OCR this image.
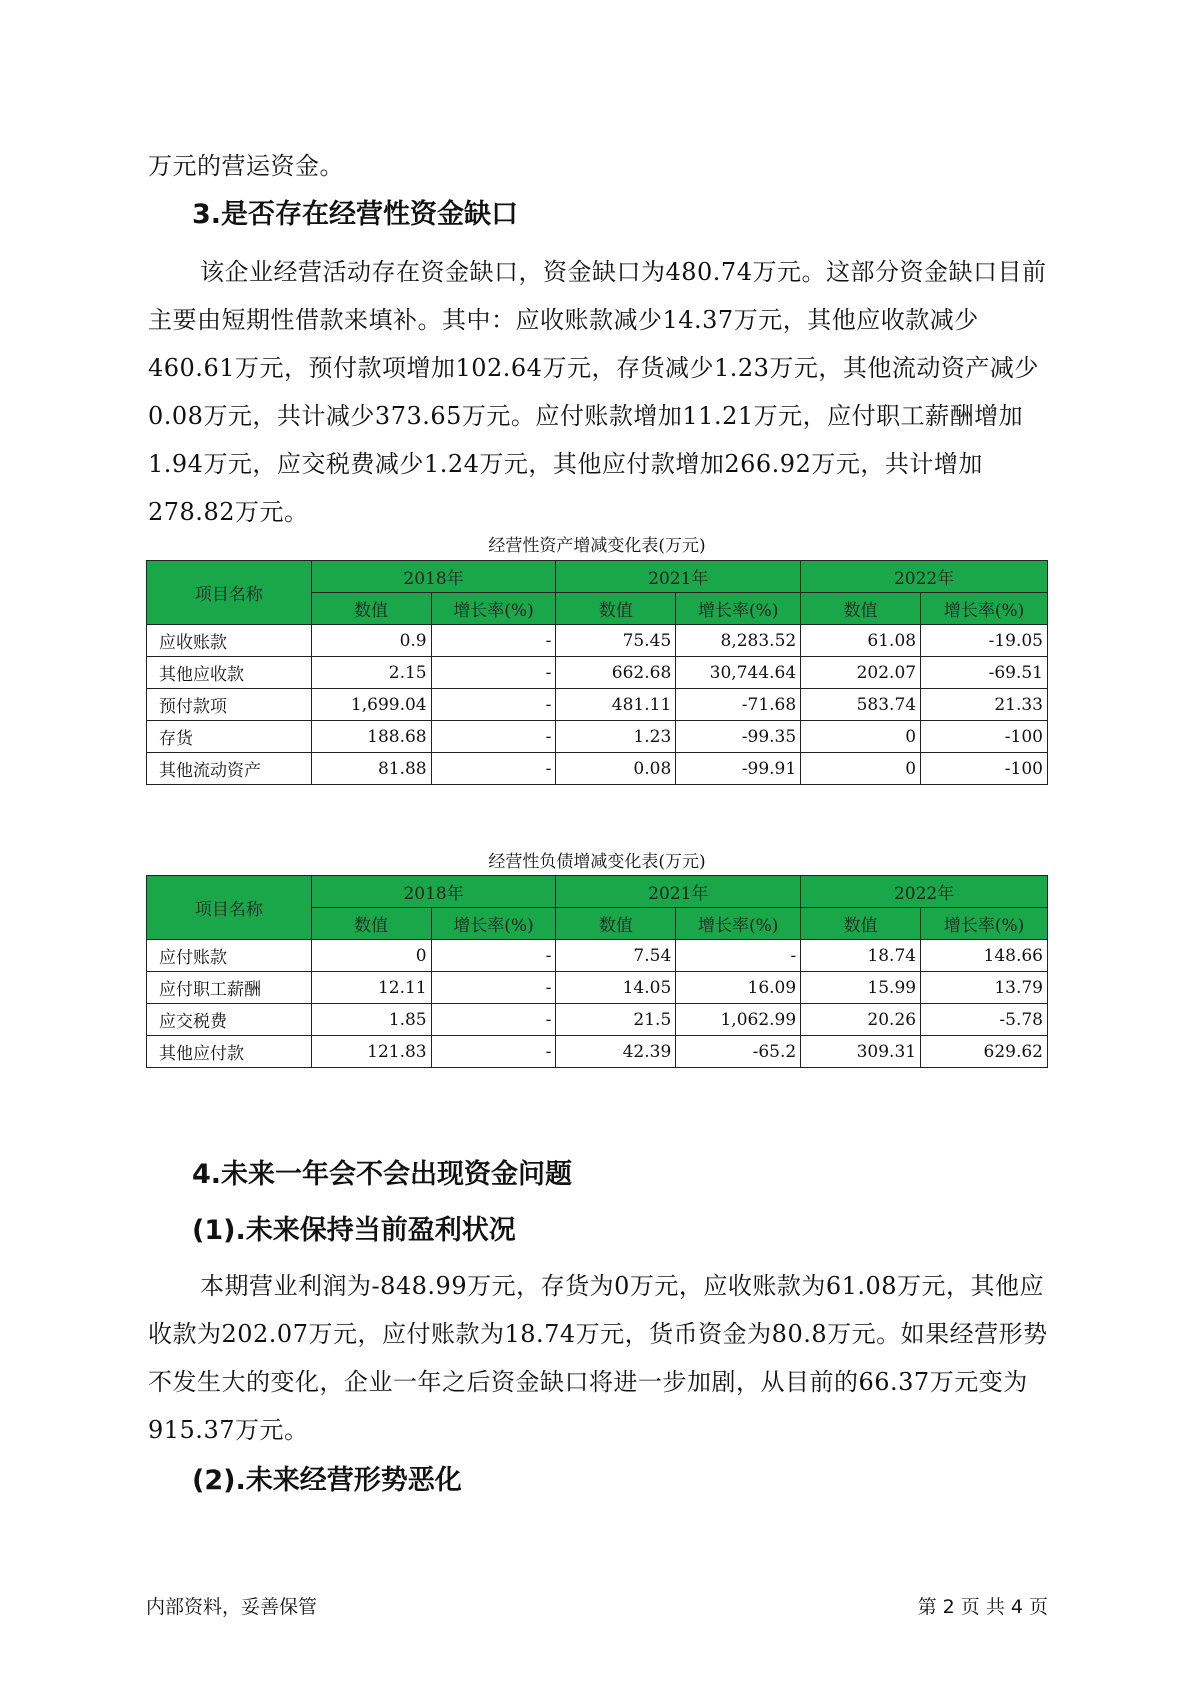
万元的营运资金。

3.是否存在经营性资金缺口

该企业经营活动存在资金缺口，资金缺口为480.74万元。这部分资金缺口目前主要由短期性借款来填补。其中：应收账款减少14.37万元，其他应收款减少460.61万元，预付款项增加102.64万元，存货减少1.23万元，其他流动资产减少0.08万元，共计减少373.65万元。应付账款增加11.21万元，应付职工薪酬增加1.94万元，应交税费减少1.24万元，其他应付款增加266.92万元，共计增加278.82万元。

经营性资产增减变化表(万元)
项目名称	2018年		2021年		2022年	
	数值	增长率(%)	数值	增长率(%)	数值	增长率(%)
应收账款	0.9	-	75.45	8,283.52	61.08	-19.05
其他应收款	2.15	-	662.68	30,744.64	202.07	-69.51
预付款项	1,699.04	-	481.11	-71.68	583.74	21.33
存货	188.68	-	1.23	-99.35	0	-100
其他流动资产	81.88	-	0.08	-99.91	0	-100
经营性负债增减变化表(万元)
项目名称	2018年		2021年		2022年	
	数值	增长率(%)	数值	增长率(%)	数值	增长率(%)
应付账款	0	-	7.54	-	18.74	148.66
应付职工薪酬	12.11	-	14.05	16.09	15.99	13.79
应交税费	1.85	-	21.5	1,062.99	20.26	-5.78
其他应付款	121.83	-	42.39	-65.2	309.31	629.62
4.未来一年会不会出现资金问题
(1).未来保持当前盈利状况

本期营业利润为-848.99万元，存货为0万元，应收账款为61.08万元，其他应收款为202.07万元，应付账款为18.74万元，货币资金为80.8万元。如果经营形势不发生大的变化，企业一年之后资金缺口将进一步加剧，从目前的66.37万元变为915.37万元。

(2).未来经营形势恶化
内部资料，妥善保管	第 2 页 共 4 页
